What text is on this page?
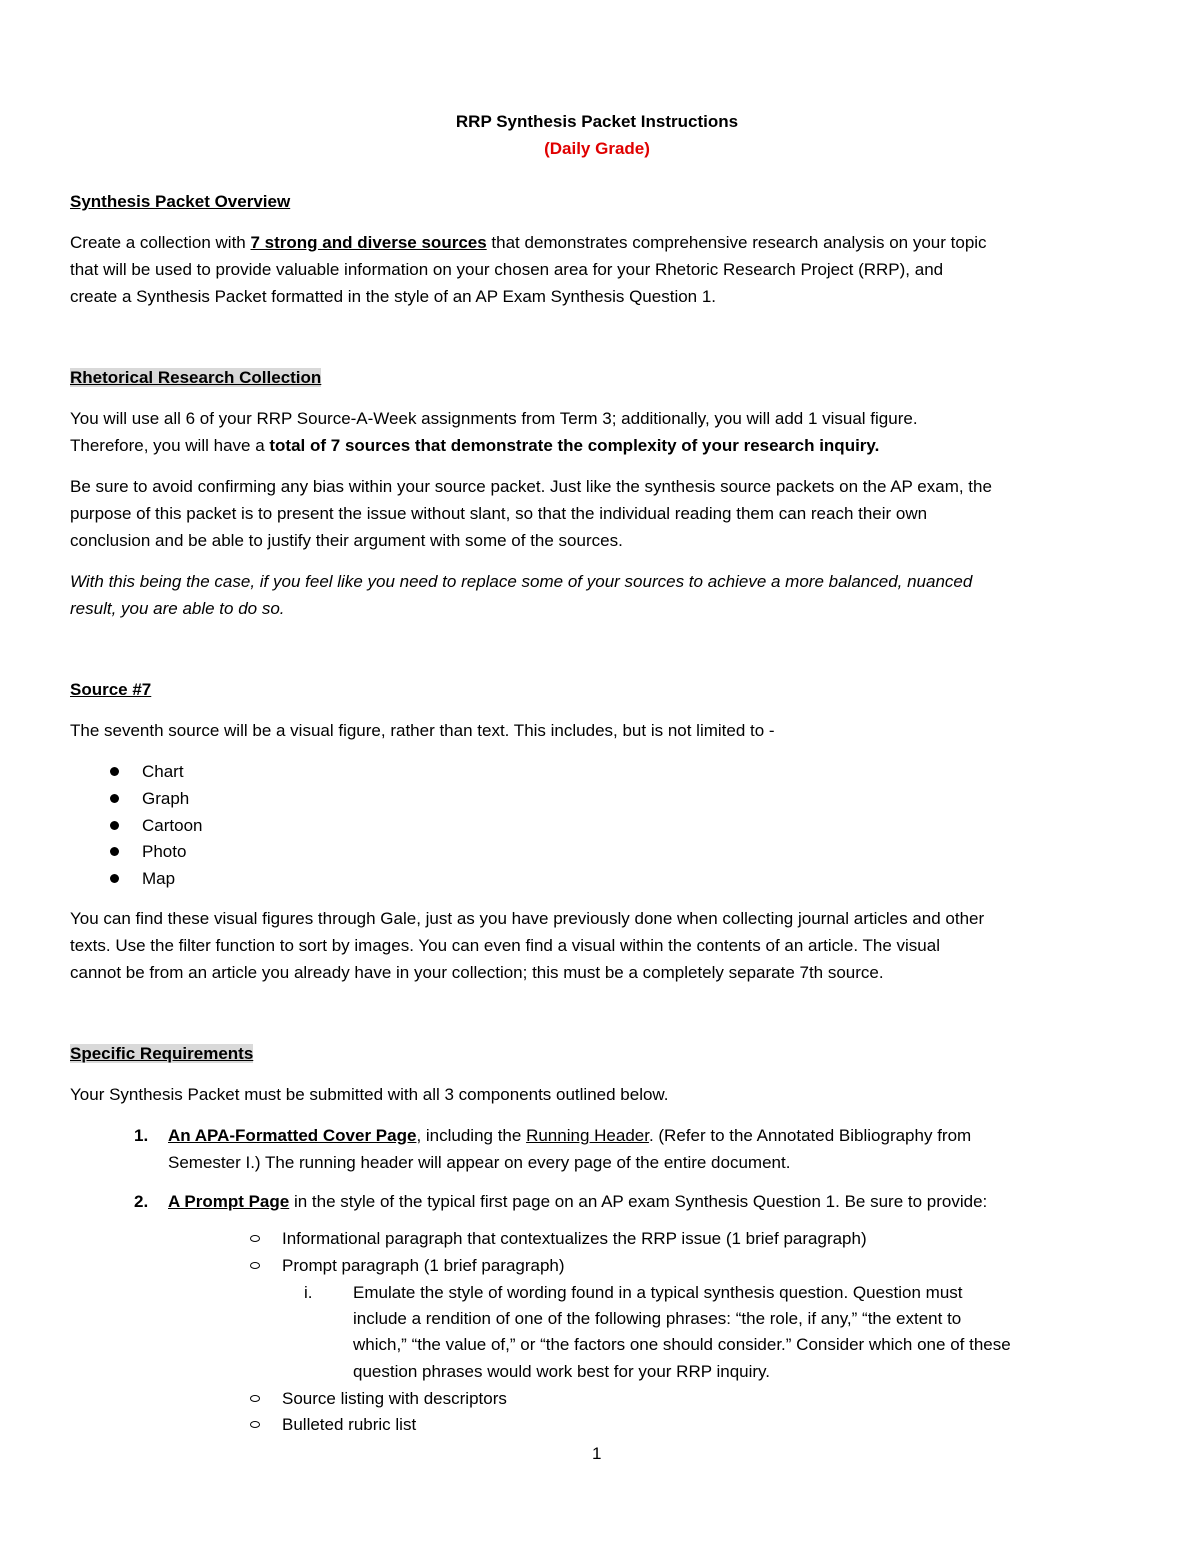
RRP Synthesis Packet Instructions
(Daily Grade)
Synthesis Packet Overview
Create a collection with 7 strong and diverse sources that demonstrates comprehensive research analysis on your topic
that will be used to provide valuable information on your chosen area for your Rhetoric Research Project (RRP), and
create a Synthesis Packet formatted in the style of an AP Exam Synthesis Question 1.
Rhetorical Research Collection
You will use all 6 of your RRP Source-A-Week assignments from Term 3; additionally, you will add 1 visual figure.
Therefore, you will have a total of 7 sources that demonstrate the complexity of your research inquiry.
Be sure to avoid confirming any bias within your source packet. Just like the synthesis source packets on the AP exam, the
purpose of this packet is to present the issue without slant, so that the individual reading them can reach their own
conclusion and be able to justify their argument with some of the sources.
With this being the case, if you feel like you need to replace some of your sources to achieve a more balanced, nuanced
result, you are able to do so.
Source #7
The seventh source will be a visual figure, rather than text. This includes, but is not limited to -
Chart
Graph
Cartoon
Photo
Map
You can find these visual figures through Gale, just as you have previously done when collecting journal articles and other
texts. Use the filter function to sort by images. You can even find a visual within the contents of an article. The visual
cannot be from an article you already have in your collection; this must be a completely separate 7th source.
Specific Requirements
Your Synthesis Packet must be submitted with all 3 components outlined below.
1. An APA-Formatted Cover Page, including the Running Header. (Refer to the Annotated Bibliography from
Semester I.) The running header will appear on every page of the entire document.
2. A Prompt Page in the style of the typical first page on an AP exam Synthesis Question 1. Be sure to provide:
Informational paragraph that contextualizes the RRP issue (1 brief paragraph)
Prompt paragraph (1 brief paragraph)
i. Emulate the style of wording found in a typical synthesis question. Question must
include a rendition of one of the following phrases: “the role, if any,” “the extent to
which,” “the value of,” or “the factors one should consider.” Consider which one of these
question phrases would work best for your RRP inquiry.
Source listing with descriptors
Bulleted rubric list
1
